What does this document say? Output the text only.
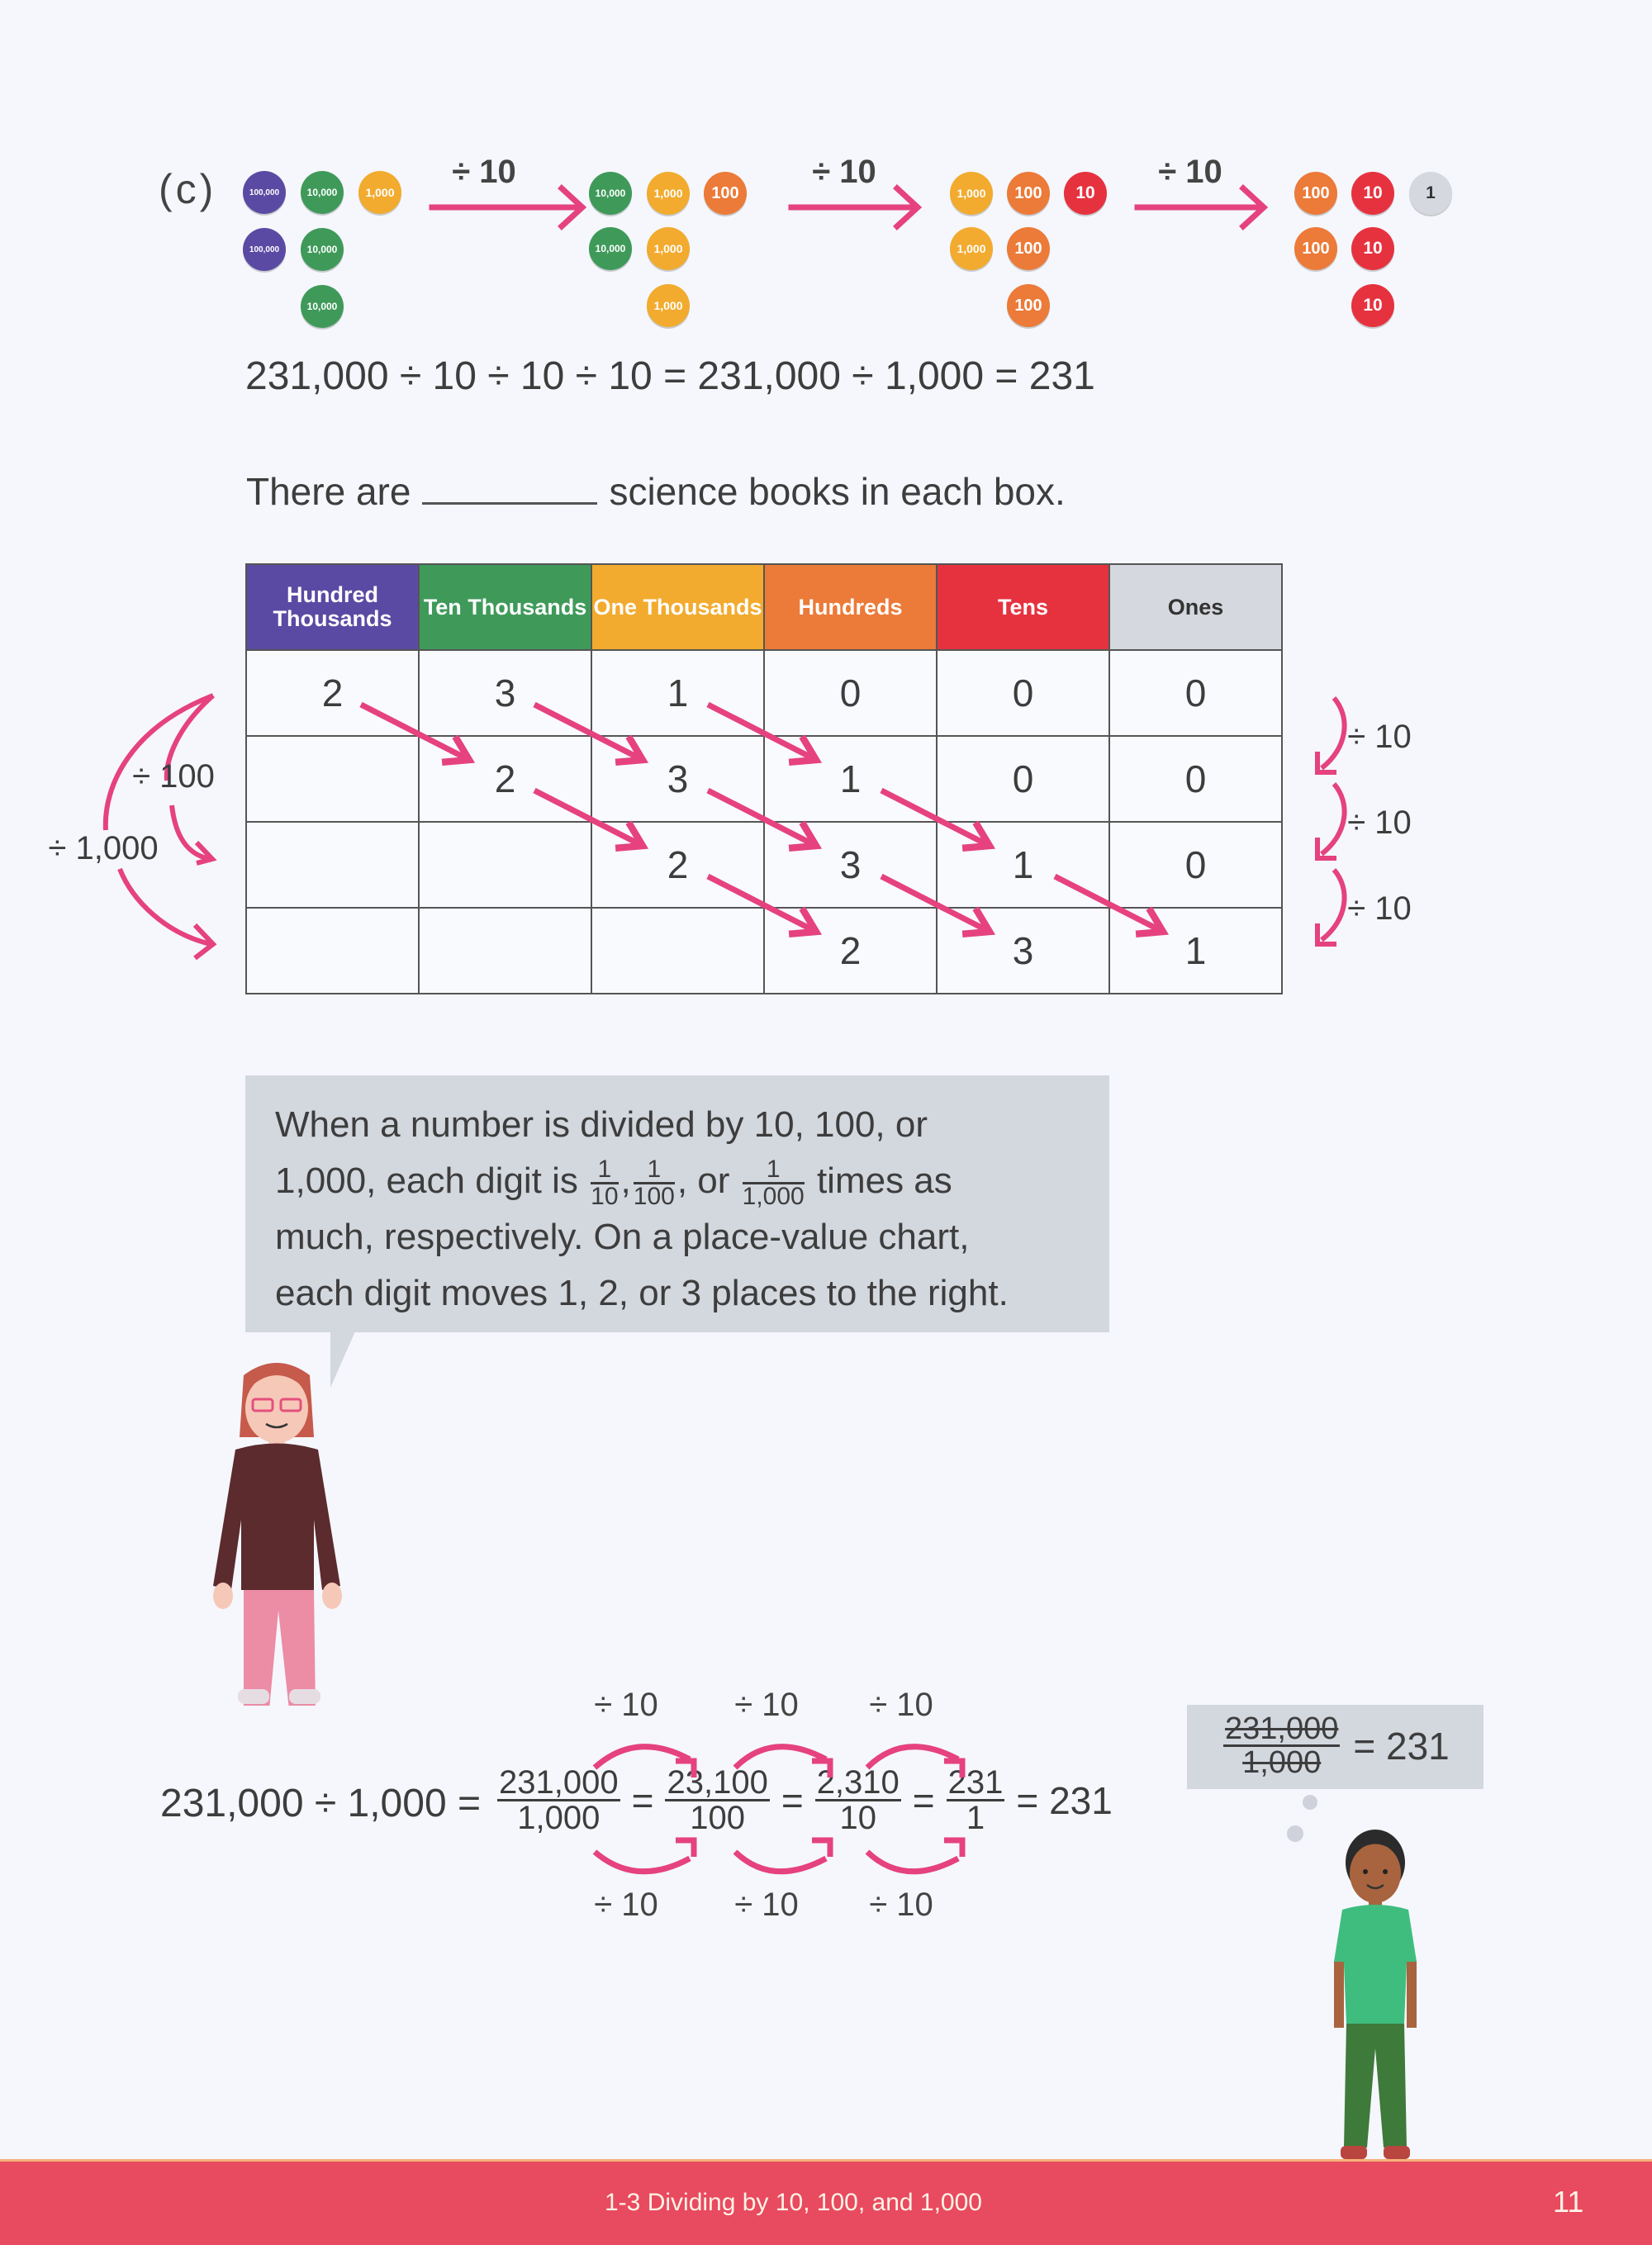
(c)	100,000	10,000	1,000
100,000	10,000
10,000
10,000	1,000	100
10,000	1,000
1,000
1,000	100	10
1,000	100
100
100	10	1
100	10
10
÷ 10	÷ 10	÷ 10
231,000 ÷ 10 ÷ 10 ÷ 10 = 231,000 ÷ 1,000 = 231
There are	science books in each box.
Hundred Thousands	Ten Thousands	One Thousands	Hundreds	Tens	Ones
2	3	1	0	0	0
	2	3	1	0	0
		2	3	1	0
			2	3	1
÷ 100
÷ 1,000
÷ 10
÷ 10
÷ 10
When a number is divided by 10, 100, or
1,000, each digit is $\frac{1}{10}$ , $\frac{1}{100}$ , or $\frac{1}{1,000}$ times as
much, respectively. On a place-value chart,
each digit moves 1, 2, or 3 places to the right.
$231,000 \div 1,000 = \frac{231,000}{1,000} = \frac{23,100}{100} = \frac{2,310}{10} = \frac{231}{1} = 231$
÷ 10	÷ 10	÷ 10
÷ 10	÷ 10	÷ 10
$\frac{231,000}{1,000} = 231$
1-3 Dividing by 10, 100, and 1,000	11
